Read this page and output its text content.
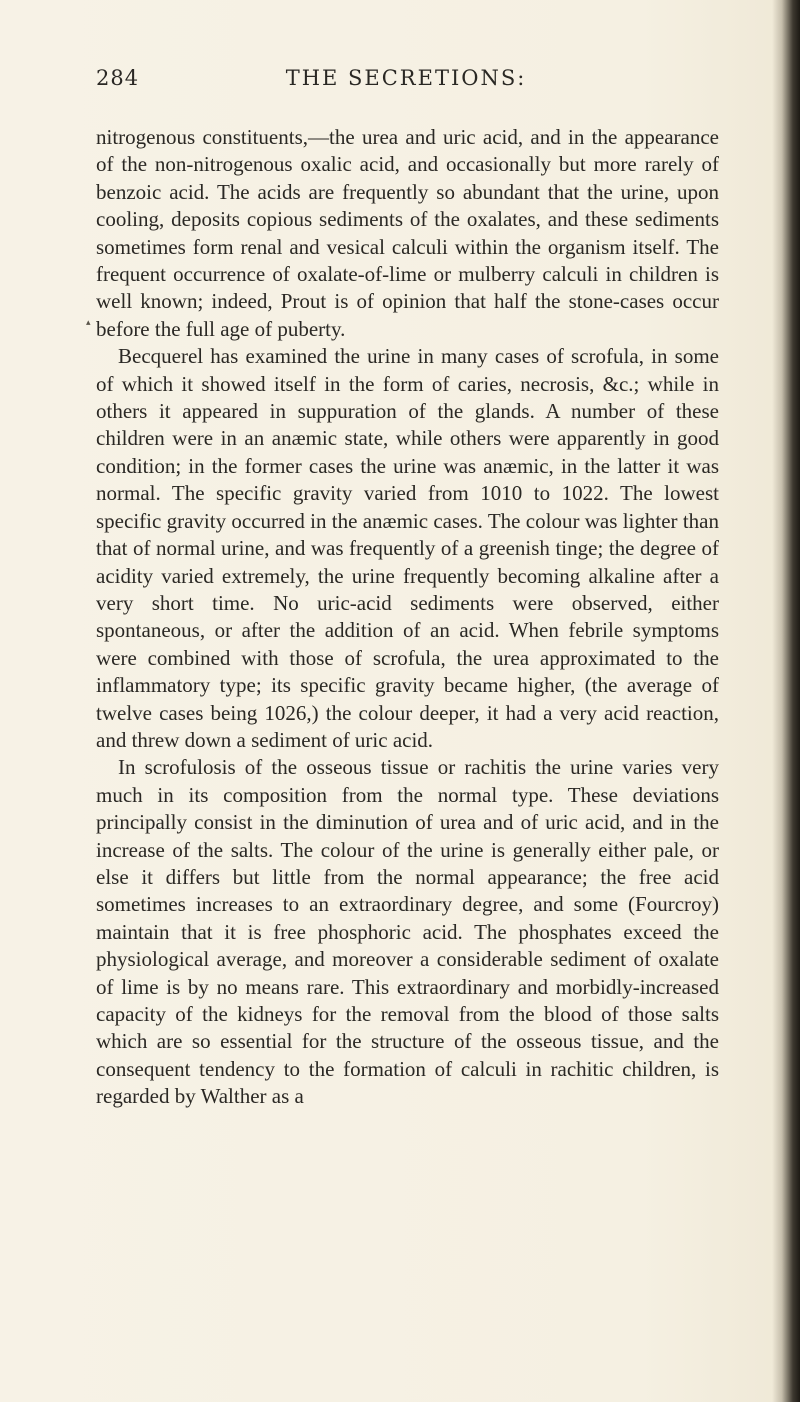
284	THE SECRETIONS:
▴

nitrogenous constituents,—the urea and uric acid, and in the appearance of the non-nitrogenous oxalic acid, and occasionally but more rarely of benzoic acid. The acids are frequently so abundant that the urine, upon cooling, deposits copious sediments of the oxalates, and these sediments sometimes form renal and vesical calculi within the organism itself. The frequent occurrence of oxalate-of-lime or mulberry calculi in children is well known; indeed, Prout is of opinion that half the stone-cases occur before the full age of puberty.

Becquerel has examined the urine in many cases of scrofula, in some of which it showed itself in the form of caries, necrosis, &c.; while in others it appeared in suppuration of the glands. A number of these children were in an anæmic state, while others were apparently in good condition; in the former cases the urine was anæmic, in the latter it was normal. The specific gravity varied from 1010 to 1022. The lowest specific gravity occurred in the anæmic cases. The colour was lighter than that of normal urine, and was frequently of a greenish tinge; the degree of acidity varied extremely, the urine frequently becoming alkaline after a very short time. No uric-acid sediments were observed, either spontaneous, or after the addition of an acid. When febrile symptoms were combined with those of scrofula, the urea approximated to the inflammatory type; its specific gravity became higher, (the average of twelve cases being 1026,) the colour deeper, it had a very acid reaction, and threw down a sediment of uric acid.

In scrofulosis of the osseous tissue or rachitis the urine varies very much in its composition from the normal type. These deviations principally consist in the diminution of urea and of uric acid, and in the increase of the salts. The colour of the urine is generally either pale, or else it differs but little from the normal appearance; the free acid sometimes increases to an extraordinary degree, and some (Fourcroy) maintain that it is free phosphoric acid. The phosphates exceed the physiological average, and moreover a considerable sediment of oxalate of lime is by no means rare. This extraordinary and morbidly-increased capacity of the kidneys for the removal from the blood of those salts which are so essential for the structure of the osseous tissue, and the consequent tendency to the formation of calculi in rachitic children, is regarded by Walther as a
